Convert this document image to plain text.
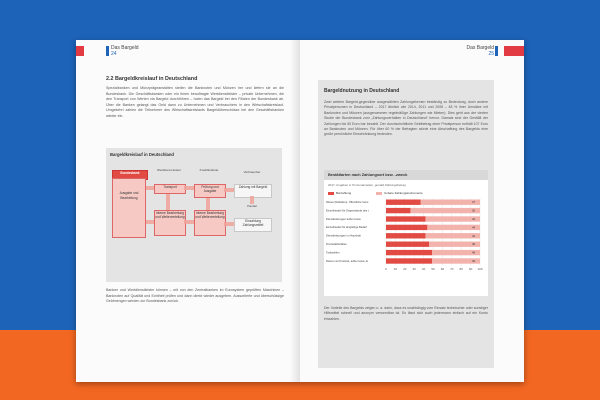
Das Bargeld
24
2.2 Bargeldkreislauf in Deutschland
Spezialbanken und Münzprägeanstalten stellen die Banknoten und Münzen her und liefern sie an die Bundesbank. Die Geschäftsbanken oder ein ihnen beauftragte Wertdienstleister – private Unternehmen, die den Transport von Werten via Bargeld durchführen – holen das Bargeld bei den Filialen der Bundesbank ab. Über die Banken gelangt das Geld dann zu Unternehmen und Verbrauchern in den Wirtschaftskreislauf. Umgekehrt zahlen die Teilnehmer des Wirtschaftskreislaufs Bargeldüberschüsse bei den Geschäftsbanken wieder ein.
Bargeldkreislauf in Deutschland
Bundesbank
Ausgabe und Bearbeitung
Wertdienst-leister
Transport
interne Bearbeitung und Weiterverteilung
Kreditinstitute
Prüfung und Ausgabe
interne Bearbeitung und Weiterverteilung
Verbraucher
Zahlung mit Bargeld
Handel
Einzahlung Zahlungsmittel
Banken und Wertdienstleister können – mit von den Zentralbanken im Eurosystem geprüften Maschinen – Banknoten auf Qualität und Echtheit prüfen und dann direkt wieder ausgeben. Aussortierte und überschüssige Geldmengen werden zur Bundesbank zurück.
Das Bargeld
25
Bargeldnutzung in Deutschland
Zwei weitere Bargeld-gegenüber ausgewählten Zahlungsformen beständig zu Bedeutung, doch andere Privatpersonen in Deutschland – 2017 ähnlich wie 2014, 2011 und 2008 – 48 % ihrer Umsätze mit Banknoten und Münzen (ausgenommen regelmäßige Zahlungen wie Mieten). Dies geht aus der vierten Studie der Bundesbank zum „Zahlungsverhalten in Deutschland“ hervor. Damals sind der Gesfällt der Zahlungen bis 50 Euro bar bezahlt. Der durchschnittliche Geldbetrag einer Privatperson enthält 107 Euro an Banknoten und Münzen. Für über 60 % der Befragten würde eine Abschaffung des Bargelds eine große persönliche Einschränkung bedeuten.
Bestätlarten nach Zahlungsort bzw. -zweck
2017, Angaben in Prozentanteilen, gemäß Zahlungsbetrag
Barzahlung	Unbare Zahlungsinstrumente
0 10 20 30 40 50 60 70 80 90 100
Waren (Rabatten). Öffentliche Verw	37
Einzelhandel für Gegenstände des t	26
Dienstleistungen außer Haus	42
Einzelhandel für langlebige Bedarf	44
Dienstleistungen im Haushalt	42
Freizeitaktivitäten	46
Tankstellen	49
Reisen und Freizeit, außer Haus, E	49
Der Vorteile des Bargelds zeigen u. a. darin, dass es unabhängig vom Einsatz technischer oder sonstiger Hilfsmittel schnell und anonym verwendbar ist. Es lässt sich auch jedermann einfach auf ein Konto einzahlen.
